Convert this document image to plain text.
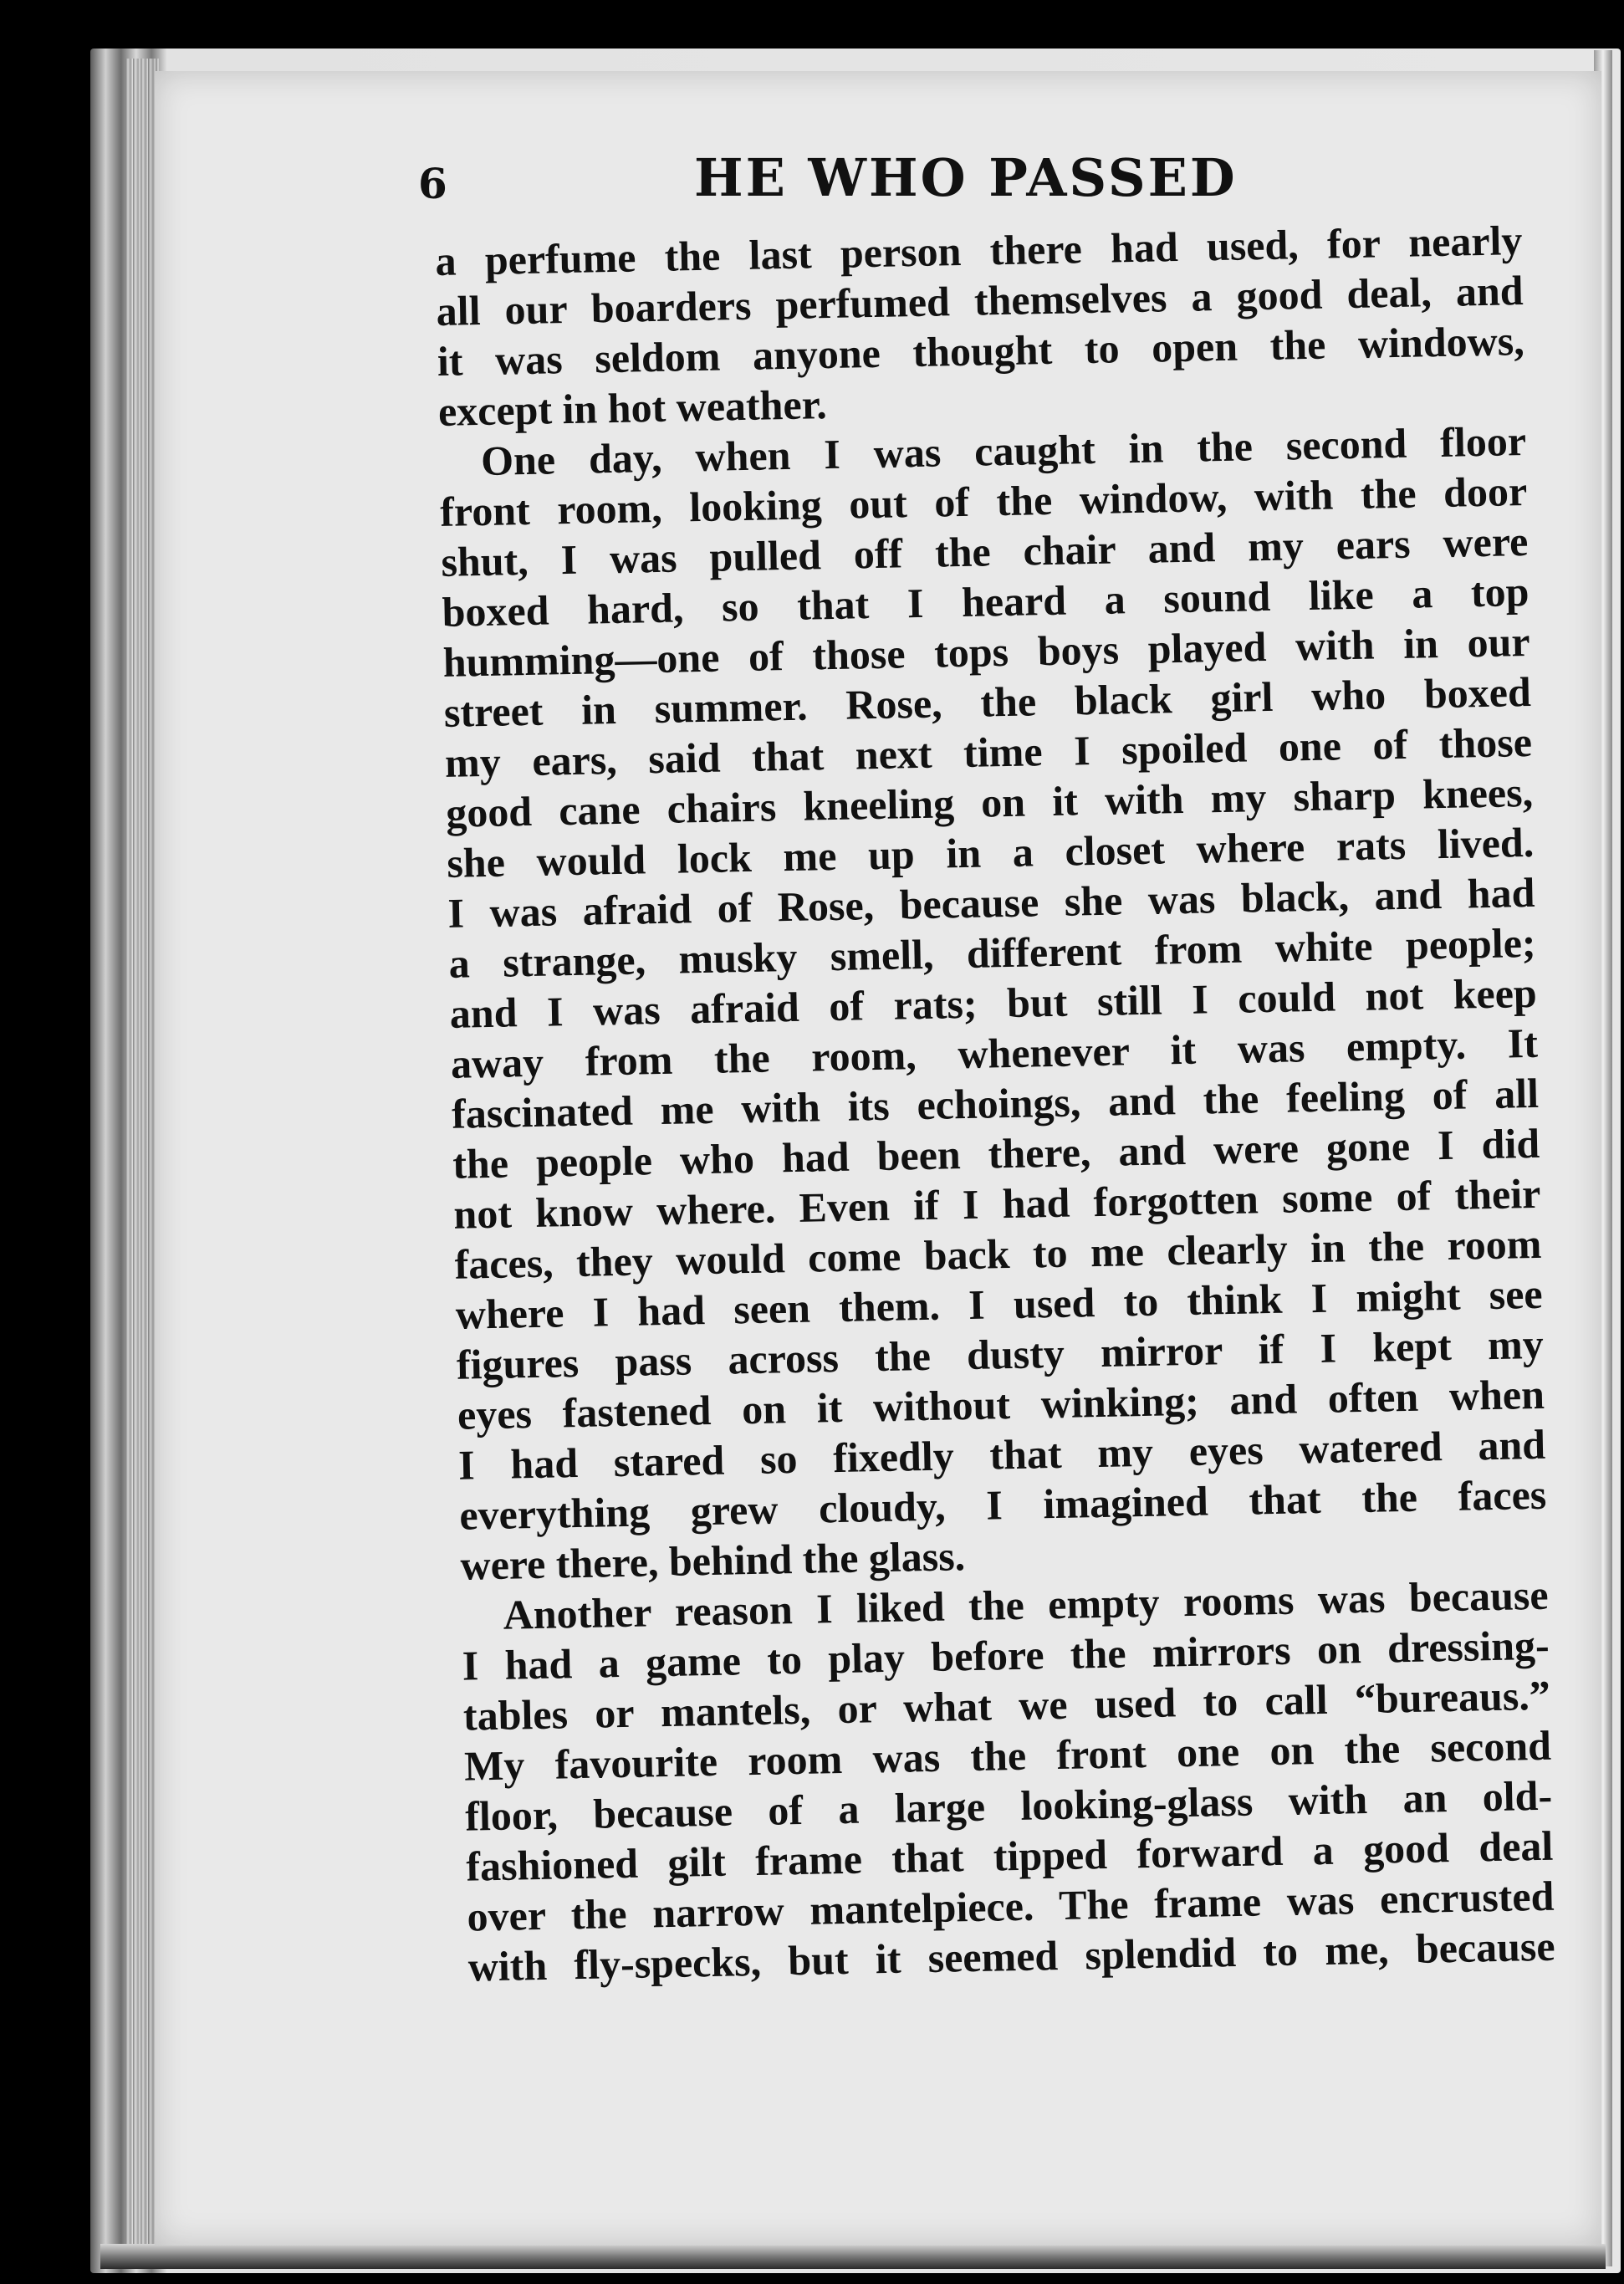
6	HE WHO PASSED
a perfume the last person there had used, for nearly
all our boarders perfumed themselves a good deal, and
it was seldom anyone thought to open the windows,
except in hot weather.
One day, when I was caught in the second floor
front room, looking out of the window, with the door
shut, I was pulled off the chair and my ears were
boxed hard, so that I heard a sound like a top
humming—one of those tops boys played with in our
street in summer. Rose, the black girl who boxed
my ears, said that next time I spoiled one of those
good cane chairs kneeling on it with my sharp knees,
she would lock me up in a closet where rats lived.
I was afraid of Rose, because she was black, and had
a strange, musky smell, different from white people;
and I was afraid of rats; but still I could not keep
away from the room, whenever it was empty. It
fascinated me with its echoings, and the feeling of all
the people who had been there, and were gone I did
not know where. Even if I had forgotten some of their
faces, they would come back to me clearly in the room
where I had seen them. I used to think I might see
figures pass across the dusty mirror if I kept my
eyes fastened on it without winking; and often when
I had stared so fixedly that my eyes watered and
everything grew cloudy, I imagined that the faces
were there, behind the glass.
Another reason I liked the empty rooms was because
I had a game to play before the mirrors on dressing-
tables or mantels, or what we used to call “bureaus.”
My favourite room was the front one on the second
floor, because of a large looking-glass with an old-
fashioned gilt frame that tipped forward a good deal
over the narrow mantelpiece. The frame was encrusted
with fly-specks, but it seemed splendid to me, because
